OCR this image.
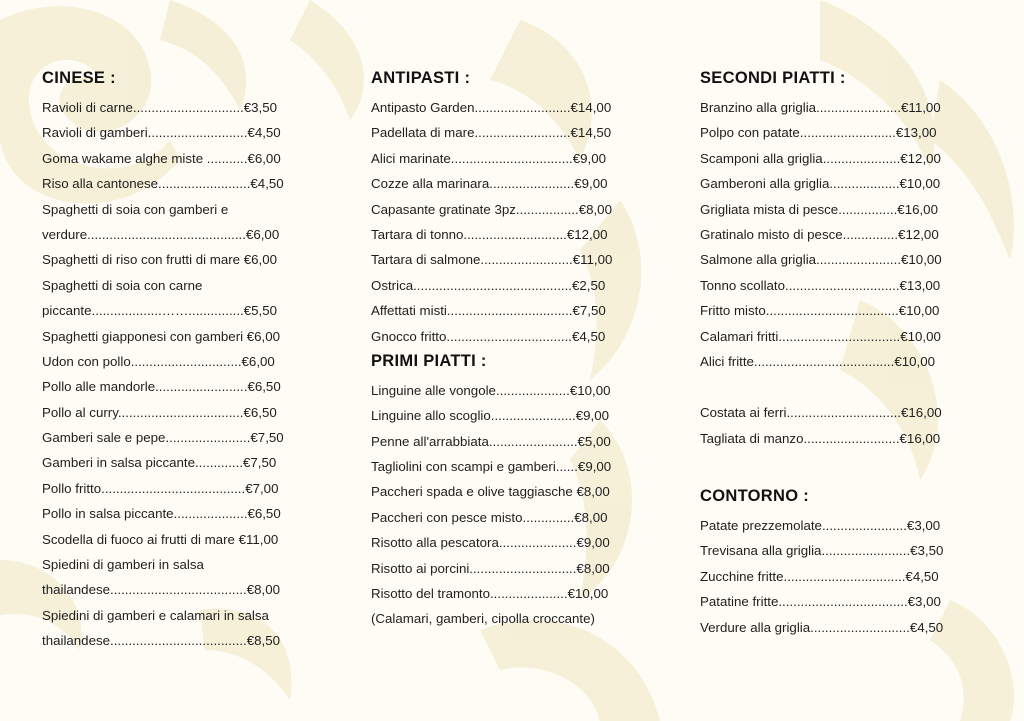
CINESE :
Ravioli di carne..............................€3,50
Ravioli di gamberi...........................€4,50
Goma wakame alghe miste ...........€6,00
Riso alla cantonese.........................€4,50
Spaghetti di soia con gamberi e
verdure...........................................€6,00
Spaghetti di riso con frutti di mare €6,00
Spaghetti di soia con carne
piccante...................……...............€5,50
Spaghetti giapponesi con gamberi €6,00
Udon con pollo..............................€6,00
Pollo alle mandorle.........................€6,50
Pollo al curry..................................€6,50
Gamberi sale e pepe.......................€7,50
Gamberi in salsa piccante.............€7,50
Pollo fritto.......................................€7,00
Pollo in salsa piccante....................€6,50
Scodella di fuoco ai frutti di mare €11,00
Spiedini di gamberi in salsa
thailandese.....................................€8,00
Spiedini di gamberi e calamari in salsa
thailandese.....................................€8,50
ANTIPASTI :
Antipasto Garden..........................€14,00
Padellata di mare..........................€14,50
Alici marinate.................................€9,00
Cozze alla marinara.......................€9,00
Capasante gratinate 3pz.................€8,00
Tartara di tonno............................€12,00
Tartara di salmone.........................€11,00
Ostrica...........................................€2,50
Affettati misti..................................€7,50
Gnocco fritto..................................€4,50
PRIMI PIATTI :
Linguine alle vongole....................€10,00
Linguine allo scoglio.......................€9,00
Penne all'arrabbiata........................€5,00
Tagliolini con scampi e gamberi......€9,00
Paccheri spada e olive taggiasche €8,00
Paccheri con pesce misto..............€8,00
Risotto alla pescatora.....................€9,00
Risotto ai porcini.............................€8,00
Risotto del tramonto.....................€10,00
(Calamari, gamberi, cipolla croccante)
SECONDI PIATTI :
Branzino alla griglia.......................€11,00
Polpo con patate..........................€13,00
Scamponi alla griglia.....................€12,00
Gamberoni alla griglia...................€10,00
Grigliata mista di pesce................€16,00
Gratinalo misto di pesce...............€12,00
Salmone alla griglia.......................€10,00
Tonno scollato...............................€13,00
Fritto misto....................................€10,00
Calamari fritti.................................€10,00
Alici fritte......................................€10,00
Costata ai ferri...............................€16,00
Tagliata di manzo..........................€16,00
CONTORNO :
Patate prezzemolate.......................€3,00
Trevisana alla griglia........................€3,50
Zucchine fritte.................................€4,50
Patatine fritte...................................€3,00
Verdure alla griglia...........................€4,50
